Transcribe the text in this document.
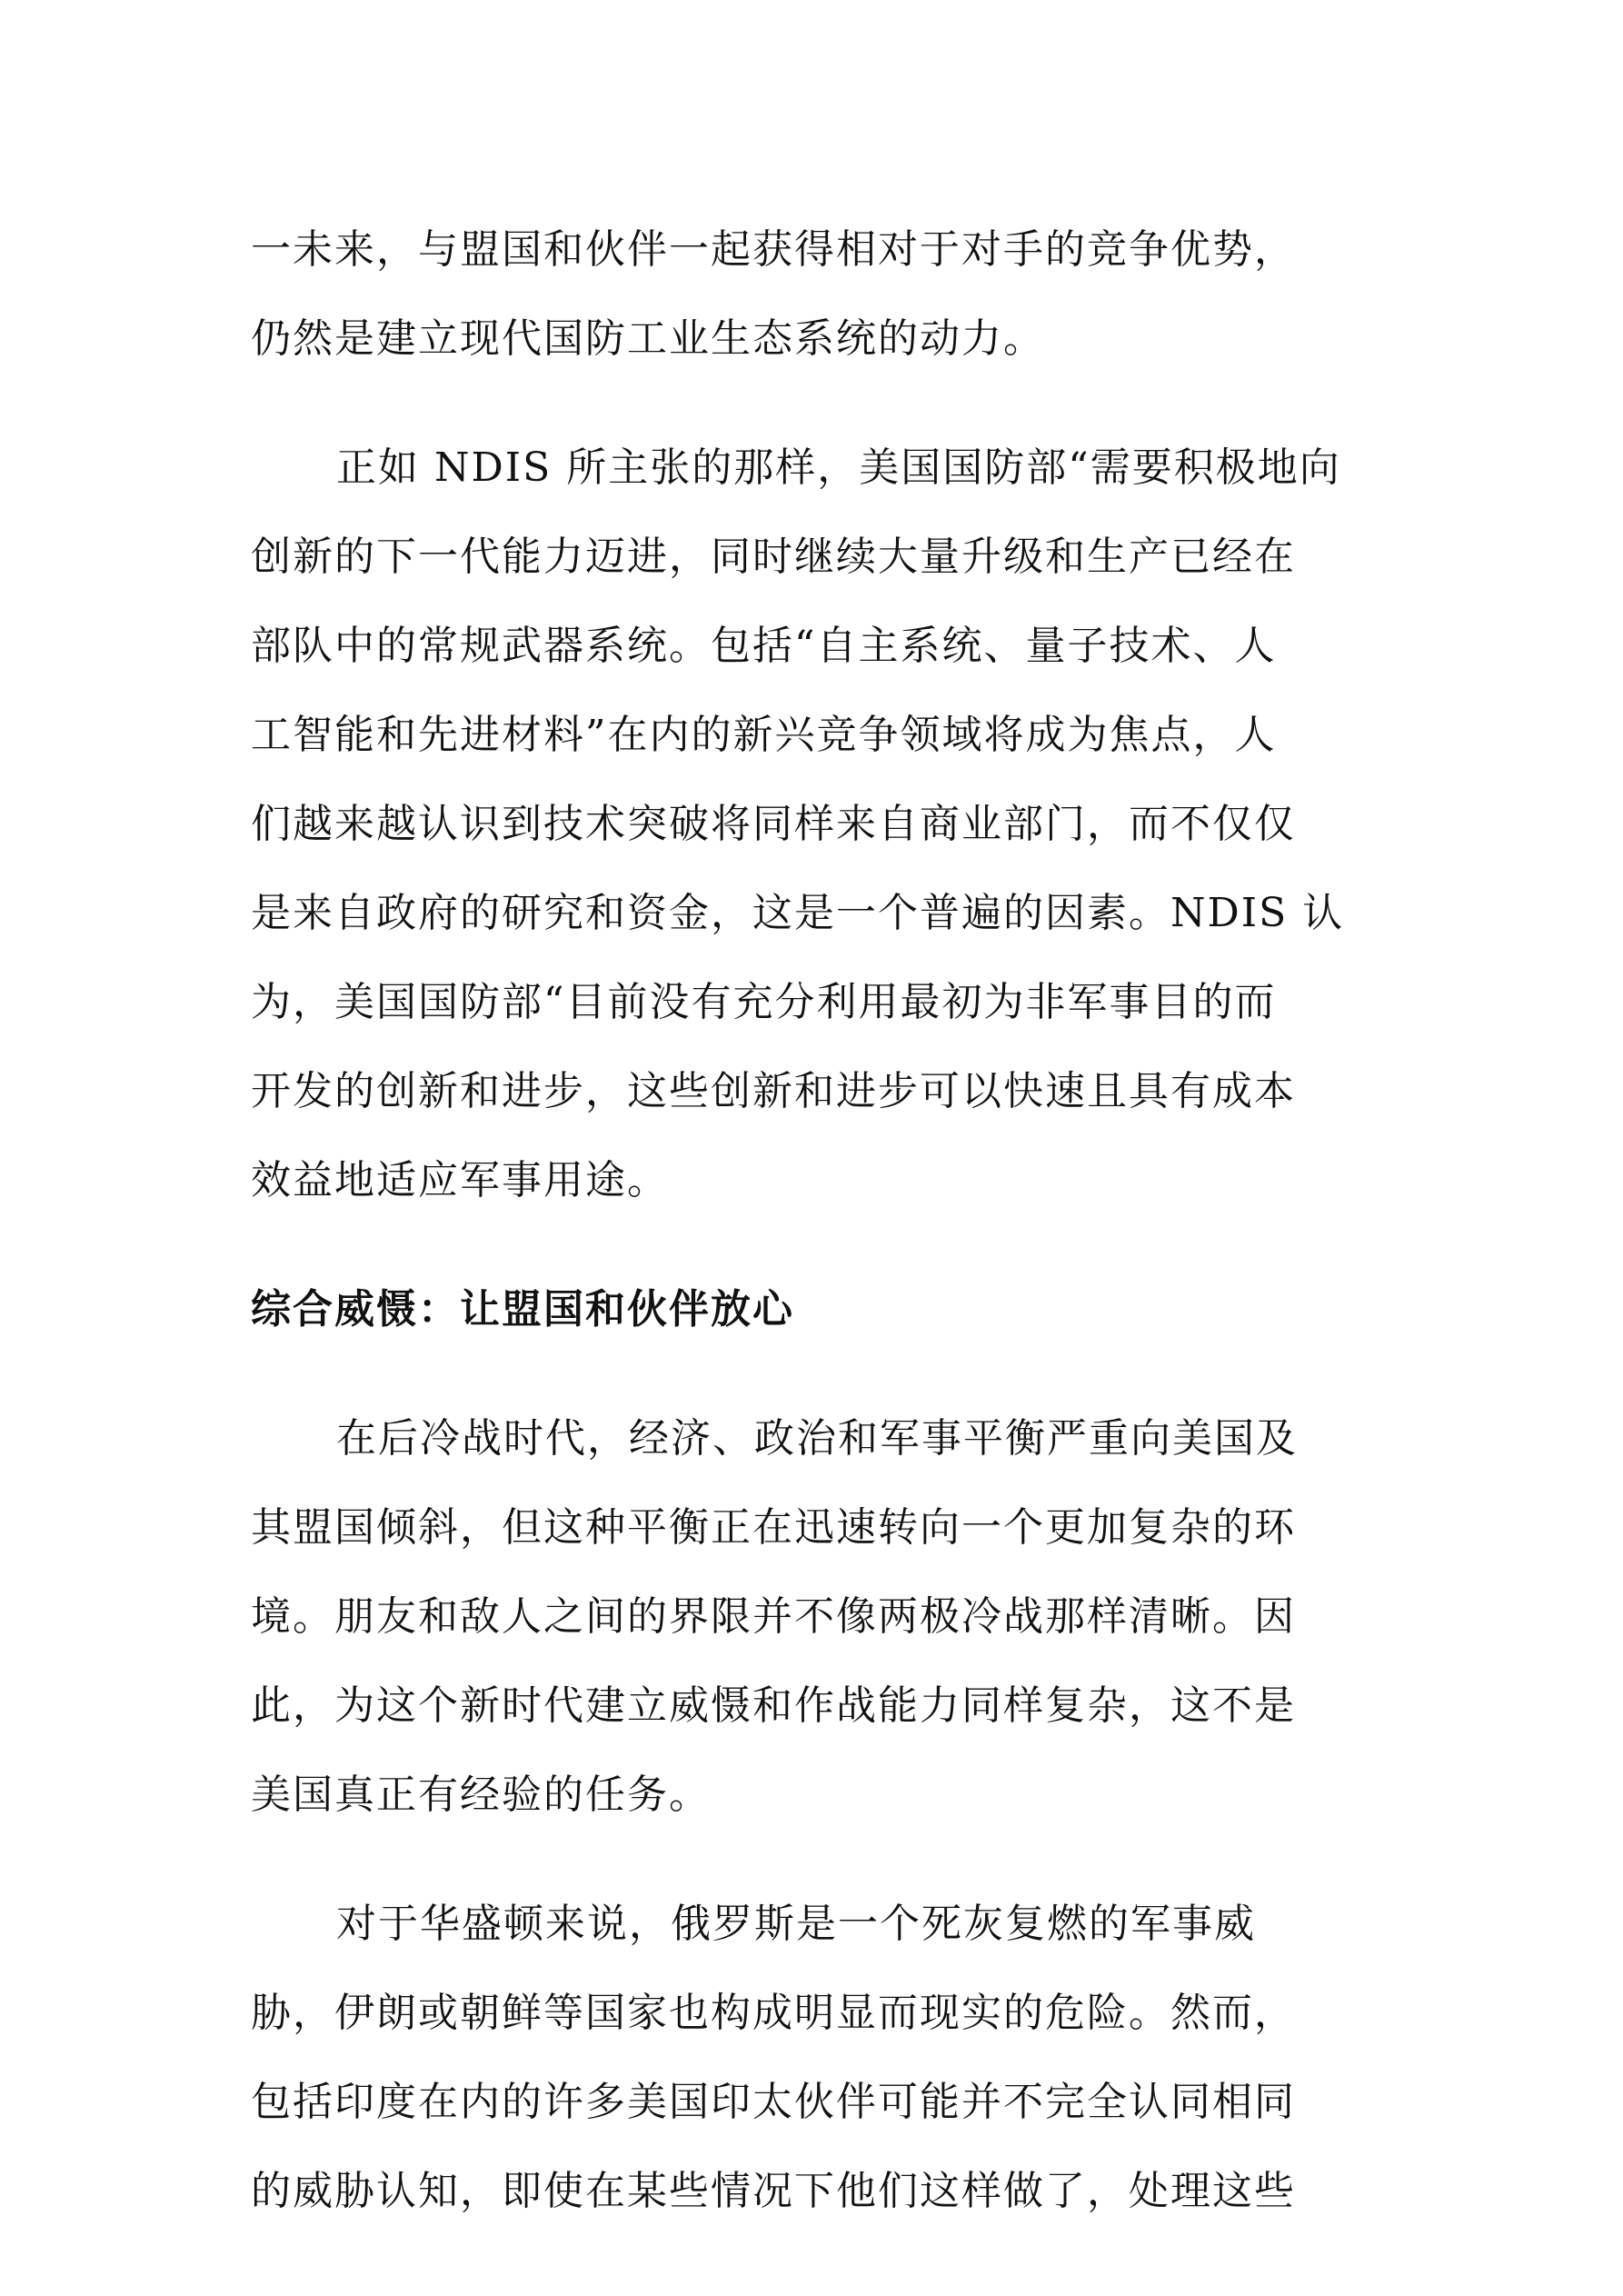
一未来，与盟国和伙伴一起获得相对于对手的竞争优势，
仍然是建立现代国防工业生态系统的动力。
正如 NDIS 所主张的那样，美国国防部“需要积极地向
创新的下一代能力迈进，同时继续大量升级和生产已经在
部队中的常规武器系统。包括“自主系统、量子技术、人
工智能和先进材料”在内的新兴竞争领域将成为焦点，人
们越来越认识到技术突破将同样来自商业部门，而不仅仅
是来自政府的研究和资金，这是一个普遍的因素。NDIS 认
为，美国国防部“目前没有充分利用最初为非军事目的而
开发的创新和进步，这些创新和进步可以快速且具有成本
效益地适应军事用途。
综合威慑：让盟国和伙伴放心
在后冷战时代，经济、政治和军事平衡严重向美国及
其盟国倾斜，但这种平衡正在迅速转向一个更加复杂的环
境。朋友和敌人之间的界限并不像两极冷战那样清晰。因
此，为这个新时代建立威慑和作战能力同样复杂，这不是
美国真正有经验的任务。
对于华盛顿来说，俄罗斯是一个死灰复燃的军事威
胁，伊朗或朝鲜等国家也构成明显而现实的危险。然而，
包括印度在内的许多美国印太伙伴可能并不完全认同相同
的威胁认知，即使在某些情况下他们这样做了，处理这些
